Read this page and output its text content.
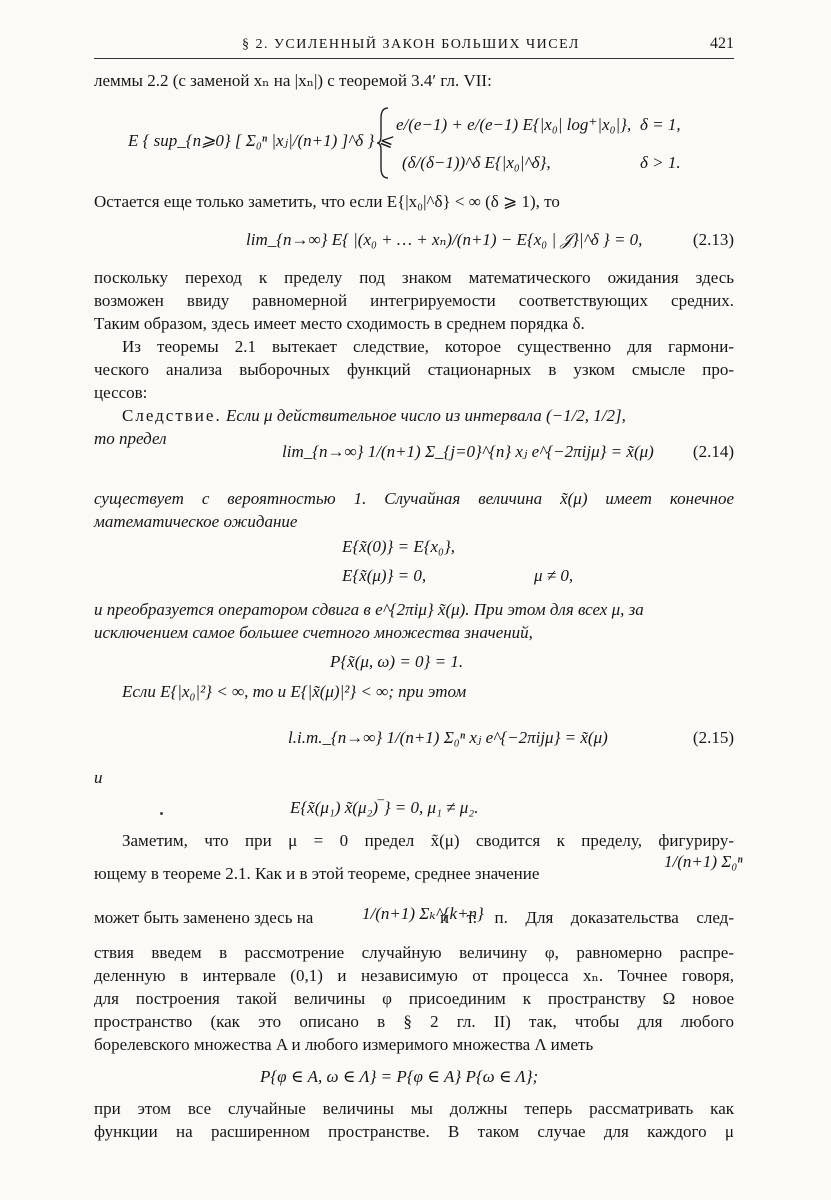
§ 2. УСИЛЕННЫЙ ЗАКОН БОЛЬШИХ ЧИСЕЛ	421
леммы 2.2 (с заменой xₙ на |xₙ|) с теоремой 3.4′ гл. VII:
E { sup_{n⩾0} [ Σ₀ⁿ |xⱼ|/(n+1) ]^δ } ⩽
e/(e−1) + e/(e−1) E{|x₀| log⁺|x₀|}, δ = 1,
(δ/(δ−1))^δ E{|x₀|^δ},	δ > 1.
Остается еще только заметить, что если E{|x₀|^δ} < ∞ (δ ⩾ 1), то
lim_{n→∞} E{ |(x₀ + … + xₙ)/(n+1) − E{x₀ | 𝒥}|^δ } = 0,	(2.13)
поскольку переход к пределу под знаком математического ожидания здесь
возможен ввиду равномерной интегрируемости соответствующих средних.
Таким образом, здесь имеет место сходимость в среднем порядка δ.
Из теоремы 2.1 вытекает следствие, которое существенно для гармони-
ческого анализа выборочных функций стационарных в узком смысле про-
цессов:
Следствие. Если μ действительное число из интервала (−1/2, 1/2],
то предел
lim_{n→∞} 1/(n+1) Σ_{j=0}^{n} xⱼ e^{−2πijμ} = x̃(μ) (2.14)
существует с вероятностью 1. Случайная величина x̃(μ) имеет конечное
математическое ожидание
E{x̃(0)} = E{x₀},
E{x̃(μ)} = 0,	μ ≠ 0,
и преобразуется оператором сдвига в e^{2πiμ} x̃(μ). При этом для всех μ, за
исключением самое большее счетного множества значений,
P{x̃(μ, ω) = 0} = 1.
Если E{|x₀|²} < ∞, то и E{|x̃(μ)|²} < ∞; при этом
l.i.m._{n→∞} 1/(n+1) Σ₀ⁿ xⱼ e^{−2πijμ} = x̃(μ)	(2.15)
и
E{x̃(μ₁) x̃(μ₂)‾} = 0, μ₁ ≠ μ₂.
Заметим, что при μ = 0 предел x̃(μ) сводится к пределу, фигуриру-
ющему в теореме 2.1. Как и в этой теореме, среднее значение
1/(n+1) Σ₀ⁿ
может быть заменено здесь на	1/(n+1) Σₖ^{k+n}
и т. п. Для доказательства след-
ствия введем в рассмотрение случайную величину φ, равномерно распре-
деленную в интервале (0,1) и независимую от процесса xₙ. Точнее говоря,
для построения такой величины φ присоединим к пространству Ω новое
пространство (как это описано в § 2 гл. II) так, чтобы для любого
борелевского множества A и любого измеримого множества Λ иметь
P{φ ∈ A, ω ∈ Λ} = P{φ ∈ A} P{ω ∈ Λ};
при этом все случайные величины мы должны теперь рассматривать как
функции на расширенном пространстве. В таком случае для каждого μ
